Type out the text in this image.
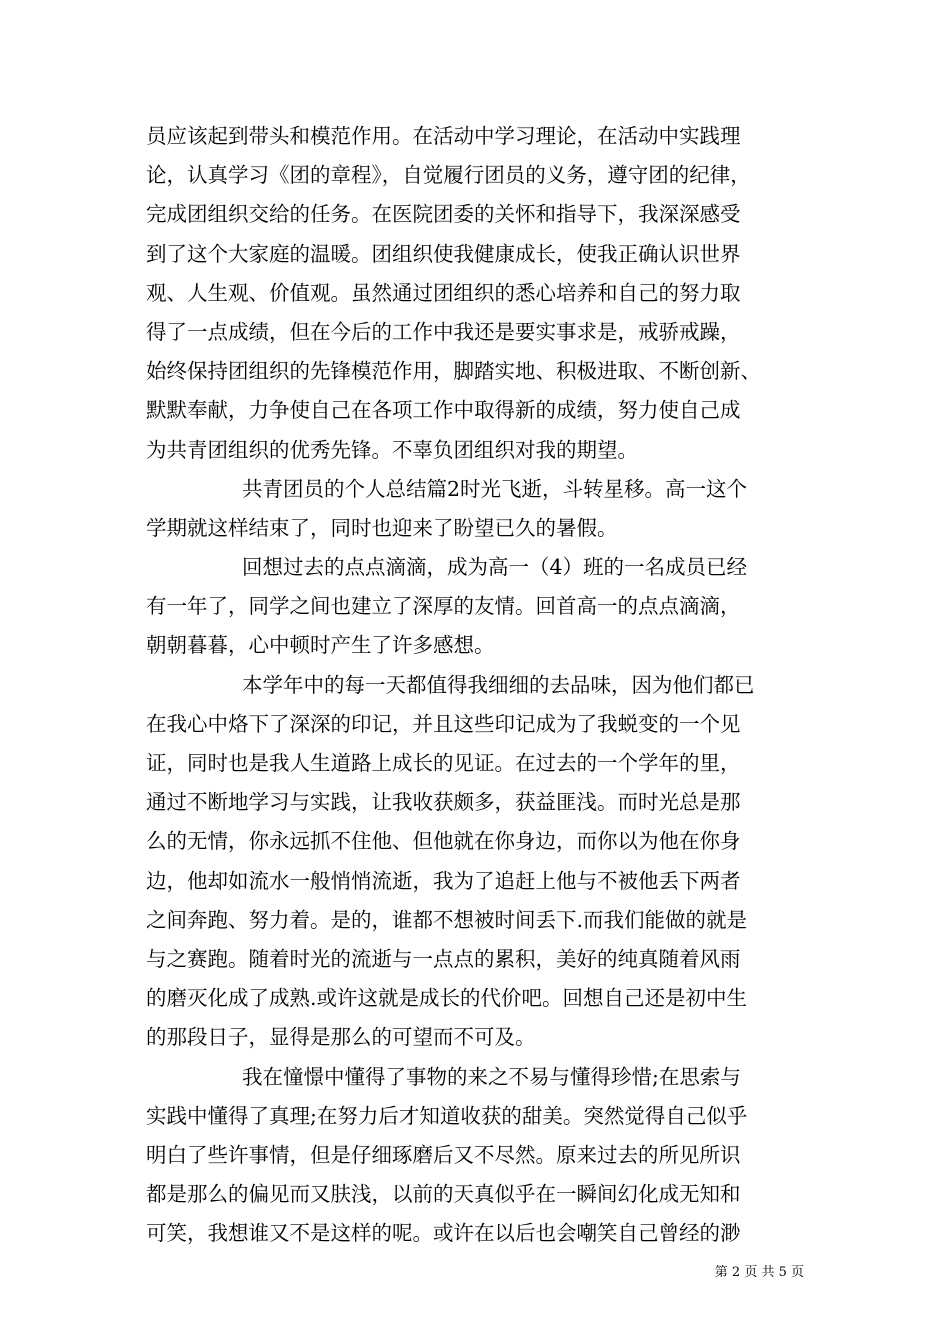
员应该起到带头和模范作用。在活动中学习理论，在活动中实践理
论，认真学习《团的章程》，自觉履行团员的义务，遵守团的纪律，
完成团组织交给的任务。在医院团委的关怀和指导下，我深深感受
到了这个大家庭的温暖。团组织使我健康成长，使我正确认识世界
观、人生观、价值观。虽然通过团组织的悉心培养和自己的努力取
得了一点成绩，但在今后的工作中我还是要实事求是，戒骄戒躁，
始终保持团组织的先锋模范作用，脚踏实地、积极进取、不断创新、
默默奉献，力争使自己在各项工作中取得新的成绩，努力使自己成
为共青团组织的优秀先锋。不辜负团组织对我的期望。
共青团员的个人总结篇2时光飞逝，斗转星移。高一这个
学期就这样结束了，同时也迎来了盼望已久的暑假。
回想过去的点点滴滴，成为高一（4）班的一名成员已经
有一年了，同学之间也建立了深厚的友情。回首高一的点点滴滴，
朝朝暮暮，心中顿时产生了许多感想。
本学年中的每一天都值得我细细的去品味，因为他们都已
在我心中烙下了深深的印记，并且这些印记成为了我蜕变的一个见
证，同时也是我人生道路上成长的见证。在过去的一个学年的里，
通过不断地学习与实践，让我收获颇多，获益匪浅。而时光总是那
么的无情，你永远抓不住他、但他就在你身边，而你以为他在你身
边，他却如流水一般悄悄流逝，我为了追赶上他与不被他丢下两者
之间奔跑、努力着。是的，谁都不想被时间丢下.而我们能做的就是
与之赛跑。随着时光的流逝与一点点的累积，美好的纯真随着风雨
的磨灭化成了成熟.或许这就是成长的代价吧。回想自己还是初中生
的那段日子，显得是那么的可望而不可及。
我在憧憬中懂得了事物的来之不易与懂得珍惜;在思索与
实践中懂得了真理;在努力后才知道收获的甜美。突然觉得自己似乎
明白了些许事情，但是仔细琢磨后又不尽然。原来过去的所见所识
都是那么的偏见而又肤浅，以前的天真似乎在一瞬间幻化成无知和
可笑，我想谁又不是这样的呢。或许在以后也会嘲笑自己曾经的渺
第 2 页 共 5 页
